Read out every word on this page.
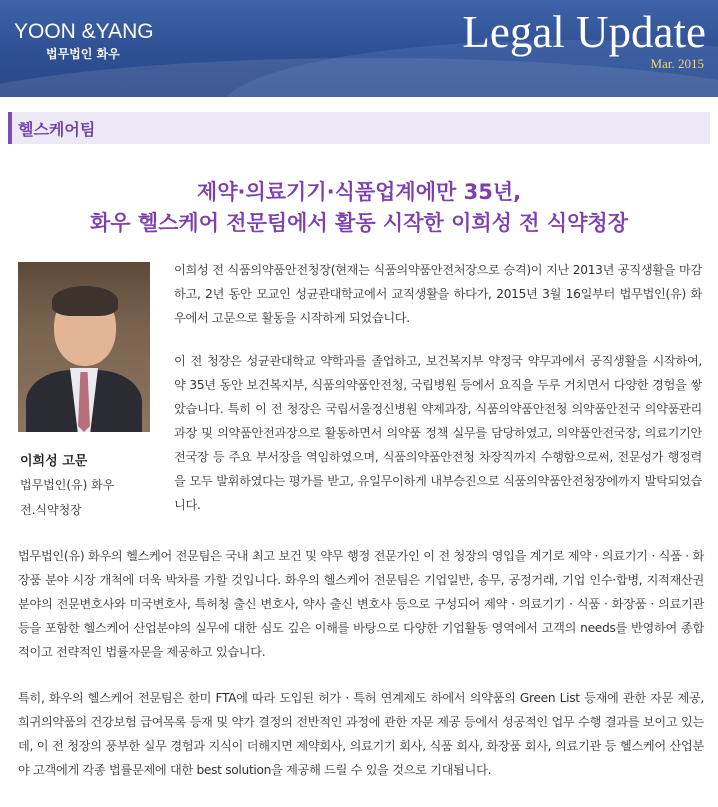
YOON &YANG
법무법인 화우	Legal Update
Mar. 2015
헬스케어팀
제약·의료기기·식품업계에만 35년,
화우 헬스케어 전문팀에서 활동 시작한 이희성 전 식약청장
이희성 고문
법무법인(유) 화우
전.식약청장

이희성 전 식품의약품안전청장(현재는 식품의약품안전처장으로 승격)이 지난 2013년 공직생활을 마감하고, 2년 동안 모교인 성균관대학교에서 교직생활을 하다가, 2015년 3월 16일부터 법무법인(유) 화우에서 고문으로 활동을 시작하게 되었습니다.

이 전 청장은 성균관대학교 약학과를 졸업하고, 보건복지부 약정국 약무과에서 공직생활을 시작하여, 약 35년 동안 보건복지부, 식품의약품안전청, 국립병원 등에서 요직을 두루 거치면서 다양한 경험을 쌓았습니다. 특히 이 전 청장은 국립서울정신병원 약제과장, 식품의약품안전청 의약품안전국 의약품관리과장 및 의약품안전과장으로 활동하면서 의약품 정책 실무를 담당하였고, 의약품안전국장, 의료기기안전국장 등 주요 부서장을 역임하였으며, 식품의약품안전청 차장직까지 수행함으로써, 전문성가 행정력을 모두 발휘하였다는 평가를 받고, 유일무이하게 내부승진으로 식품의약품안전청장에까지 발탁되었습니다.

법무법인(유) 화우의 헬스케어 전문팀은 국내 최고 보건 및 약무 행정 전문가인 이 전 청장의 영입을 계기로 제약 · 의료기기 · 식품 · 화장품 분야 시장 개척에 더욱 박차를 가할 것입니다. 화우의 헬스케어 전문팀은 기업일반, 송무, 공정거래, 기업 인수·합병, 지적재산권 분야의 전문변호사와 미국변호사, 특허청 출신 변호사, 약사 출신 변호사 등으로 구성되어 제약 · 의료기기 · 식품 · 화장품 · 의료기관 등을 포함한 헬스케어 산업분야의 실무에 대한 심도 깊은 이해를 바탕으로 다양한 기업활동 영역에서 고객의 needs를 반영하여 종합적이고 전략적인 법률자문을 제공하고 있습니다.

특히, 화우의 헬스케어 전문팀은 한미 FTA에 따라 도입된 허가 · 특허 연계제도 하에서 의약품의 Green List 등재에 관한 자문 제공, 희귀의약품의 건강보험 급여목록 등재 및 약가 결정의 전반적인 과정에 관한 자문 제공 등에서 성공적인 업무 수행 결과를 보이고 있는데, 이 전 청장의 풍부한 실무 경험과 지식이 더해지면 제약회사, 의료기기 회사, 식품 회사, 화장품 회사, 의료기관 등 헬스케어 산업분야 고객에게 각종 법률문제에 대한 best solution을 제공해 드릴 수 있을 것으로 기대됩니다.
